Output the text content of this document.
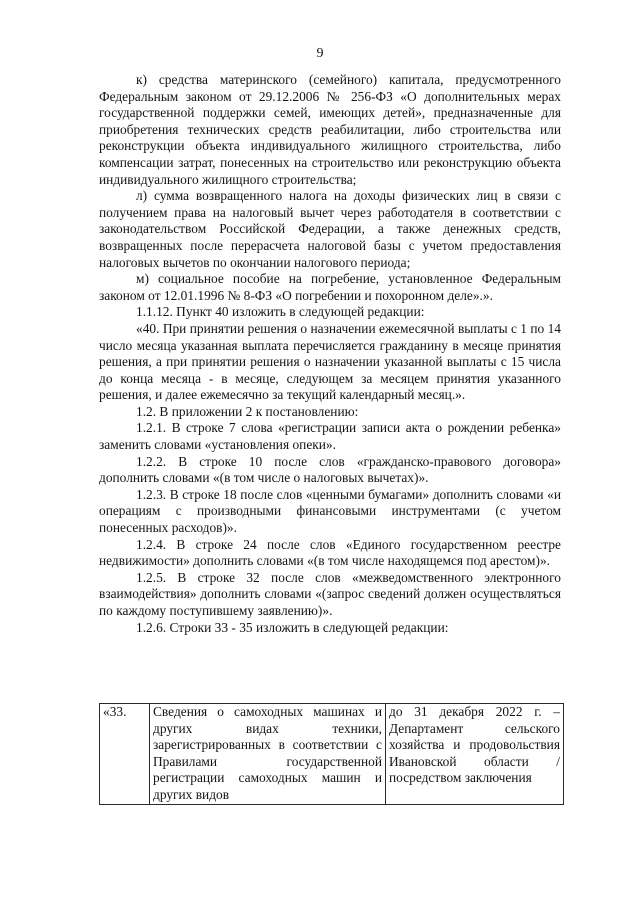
9

к) средства материнского (семейного) капитала, предусмотренного Федеральным законом от 29.12.2006 № 256-ФЗ «О дополнительных мерах государственной поддержки семей, имеющих детей», предназначенные для приобретения технических средств реабилитации, либо строительства или реконструкции объекта индивидуального жилищного строительства, либо компенсации затрат, понесенных на строительство или реконструкцию объекта индивидуального жилищного строительства;

л) сумма возвращенного налога на доходы физических лиц в связи с получением права на налоговый вычет через работодателя в соответствии с законодательством Российской Федерации, а также денежных средств, возвращенных после перерасчета налоговой базы с учетом предоставления налоговых вычетов по окончании налогового периода;

м) социальное пособие на погребение, установленное Федеральным законом от 12.01.1996 № 8-ФЗ «О погребении и похоронном деле».».

1.1.12. Пункт 40 изложить в следующей редакции:

«40. При принятии решения о назначении ежемесячной выплаты с 1 по 14 число месяца указанная выплата перечисляется гражданину в месяце принятия решения, а при принятии решения о назначении указанной выплаты с 15 числа до конца месяца - в месяце, следующем за месяцем принятия указанного решения, и далее ежемесячно за текущий календарный месяц.».

1.2. В приложении 2 к постановлению:

1.2.1. В строке 7 слова «регистрации записи акта о рождении ребенка» заменить словами «установления опеки».

1.2.2. В строке 10 после слов «гражданско-правового договора» дополнить словами «(в том числе о налоговых вычетах)».

1.2.3. В строке 18 после слов «ценными бумагами» дополнить словами «и операциям с производными финансовыми инструментами (с учетом понесенных расходов)».

1.2.4. В строке 24 после слов «Единого государственном реестре недвижимости» дополнить словами «(в том числе находящемся под арестом)».

1.2.5. В строке 32 после слов «межведомственного электронного взаимодействия» дополнить словами «(запрос сведений должен осуществляться по каждому поступившему заявлению)».

1.2.6. Строки 33 - 35 изложить в следующей редакции:

«33.	Сведения о самоходных машинах и других видах техники, зарегистрированных в соответствии с Правилами государственной регистрации самоходных машин и других видов	до 31 декабря 2022 г. – Департамент сельского хозяйства и продовольствия Ивановской области /посредством заключения
